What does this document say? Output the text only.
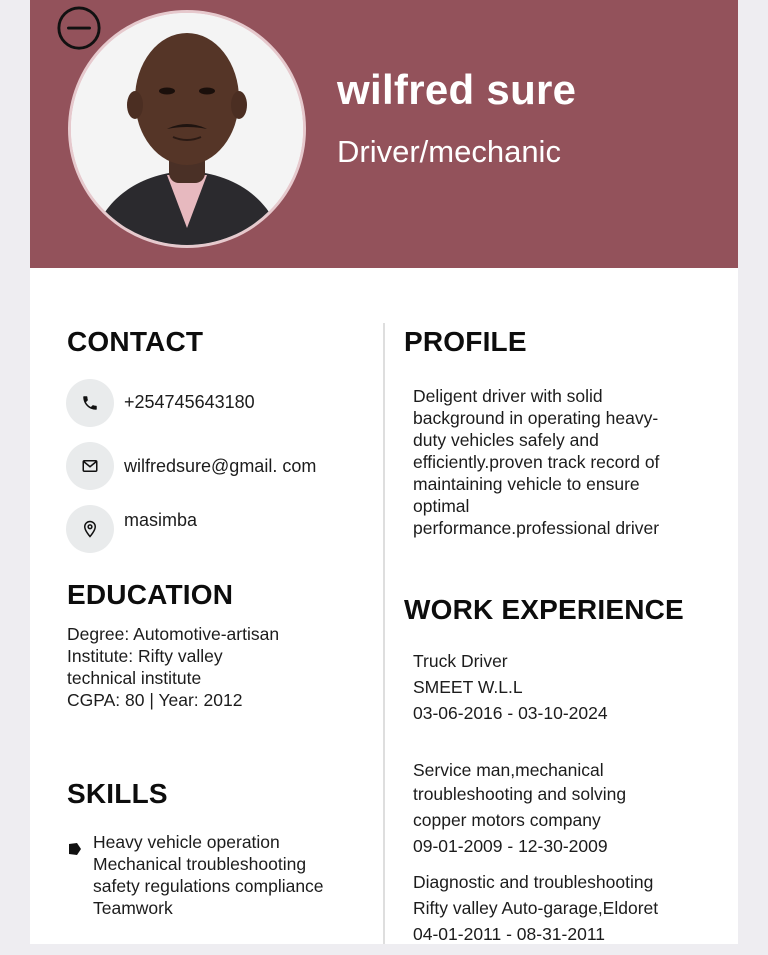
wilfred sure
Driver/mechanic
CONTACT
+254745643180
wilfredsure@gmail. com
masimba
EDUCATION
Degree: Automotive-artisan
Institute: Rifty valley
technical institute
CGPA: 80 | Year: 2012
SKILLS
Heavy vehicle operation
Mechanical troubleshooting
safety regulations compliance
Teamwork
PROFILE
Deligent driver with solid
background in operating heavy-
duty vehicles safely and
efficiently.proven track record of
maintaining vehicle to ensure
optimal
performance.professional driver
WORK EXPERIENCE
Truck Driver
SMEET W.L.L
03-06-2016 - 03-10-2024
Service man,mechanical
troubleshooting and solving
copper motors company
09-01-2009 - 12-30-2009
Diagnostic and troubleshooting
Rifty valley Auto-garage,Eldoret
04-01-2011 - 08-31-2011
